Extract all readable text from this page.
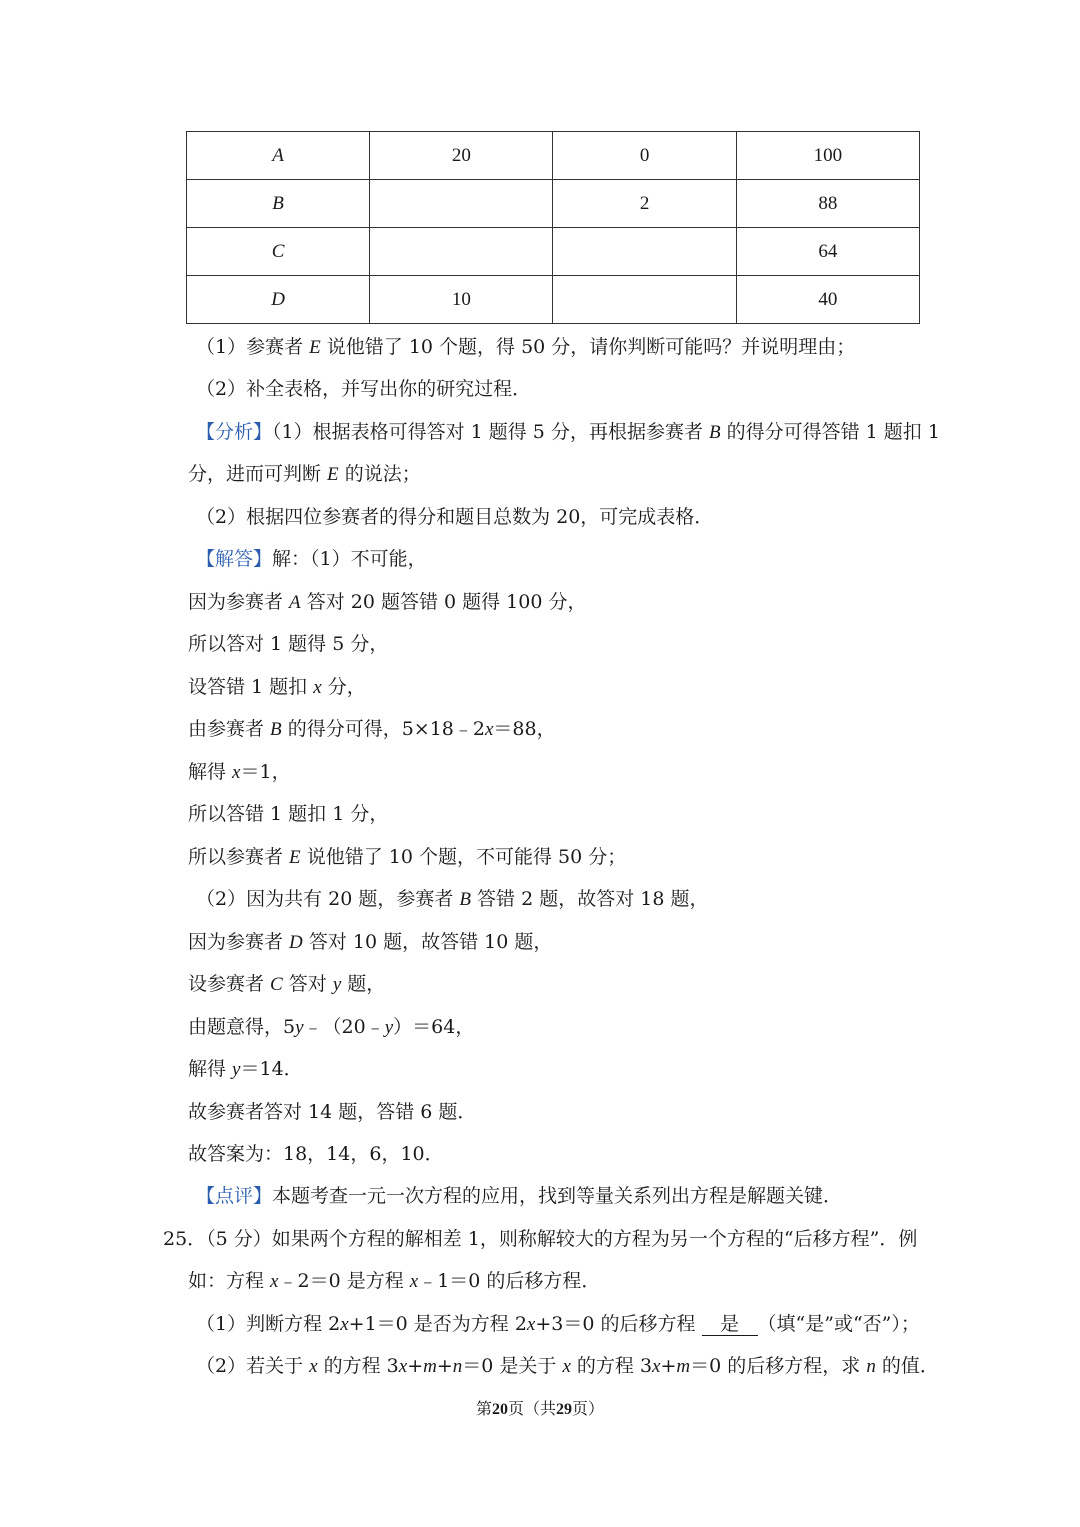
A	20	0	100
B		2	88
C			64
D	10		40
（1）参赛者 E 说他错了 10 个题，得 50 分，请你判断可能吗？并说明理由；
（2）补全表格，并写出你的研究过程．
【分析】（1）根据表格可得答对 1 题得 5 分，再根据参赛者 B 的得分可得答错 1 题扣 1
分，进而可判断 E 的说法；
（2）根据四位参赛者的得分和题目总数为 20，可完成表格．
【解答】解：（1）不可能，
因为参赛者 A 答对 20 题答错 0 题得 100 分，
所以答对 1 题得 5 分，
设答错 1 题扣 x 分，
由参赛者 B 的得分可得，5×18﹣2x＝88，
解得 x＝1，
所以答错 1 题扣 1 分，
所以参赛者 E 说他错了 10 个题，不可能得 50 分；
（2）因为共有 20 题，参赛者 B 答错 2 题，故答对 18 题，
因为参赛者 D 答对 10 题，故答错 10 题，
设参赛者 C 答对 y 题，
由题意得，5y﹣（20﹣y）＝64，
解得 y＝14．
故参赛者答对 14 题，答错 6 题．
故答案为：18，14，6，10．
【点评】本题考查一元一次方程的应用，找到等量关系列出方程是解题关键．
25．（5 分）如果两个方程的解相差 1，则称解较大的方程为另一个方程的“后移方程”．例
如：方程 x﹣2＝0 是方程 x﹣1＝0 的后移方程．
（1）判断方程 2x+1＝0 是否为方程 2x+3＝0 的后移方程 是 （填“是”或“否”）；
（2）若关于 x 的方程 3x+m+n＝0 是关于 x 的方程 3x+m＝0 的后移方程，求 n 的值．
第20页（共29页）
